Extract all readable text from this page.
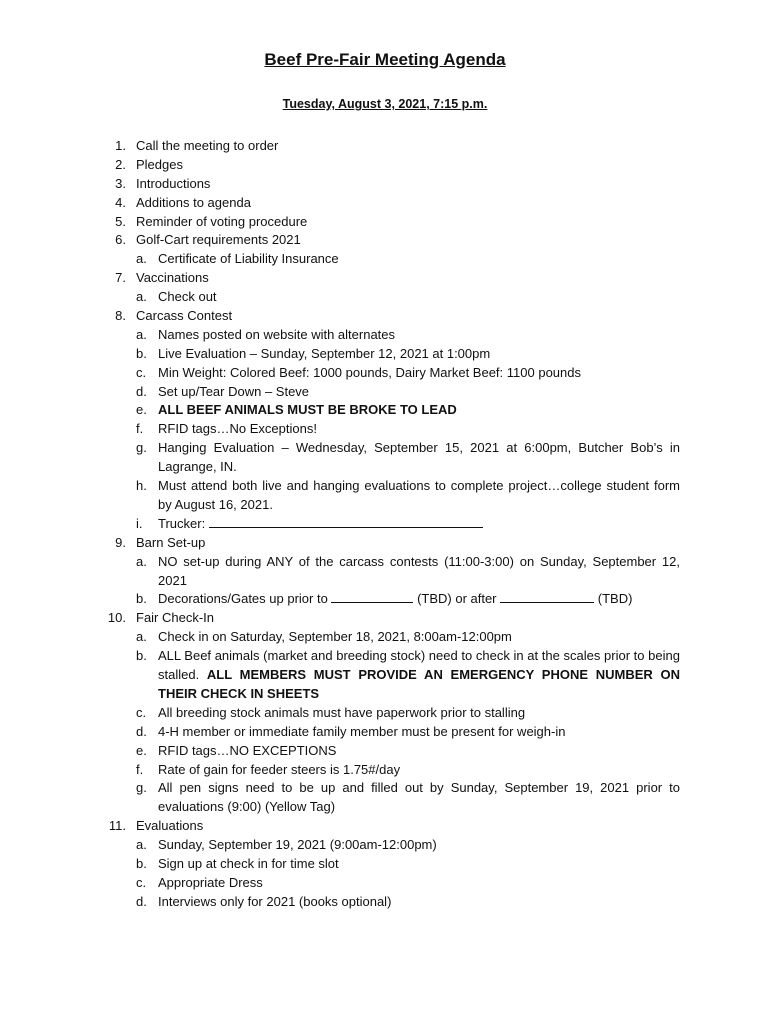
Beef Pre-Fair Meeting Agenda
Tuesday, August 3, 2021, 7:15 p.m.
1. Call the meeting to order
2. Pledges
3. Introductions
4. Additions to agenda
5. Reminder of voting procedure
6. Golf-Cart requirements 2021
a. Certificate of Liability Insurance
7. Vaccinations
a. Check out
8. Carcass Contest
a. Names posted on website with alternates
b. Live Evaluation – Sunday, September 12, 2021 at 1:00pm
c. Min Weight: Colored Beef: 1000 pounds, Dairy Market Beef: 1100 pounds
d. Set up/Tear Down – Steve
e. ALL BEEF ANIMALS MUST BE BROKE TO LEAD
f.	RFID tags…No Exceptions!
g. Hanging Evaluation – Wednesday, September 15, 2021 at 6:00pm, Butcher Bob’s in Lagrange, IN.
h. Must attend both live and hanging evaluations to complete project…college student form by August 16, 2021.
i.	Trucker:
9. Barn Set-up
a. NO set-up during ANY of the carcass contests (11:00-3:00) on Sunday, September 12, 2021
b. Decorations/Gates up prior to	(TBD) or after	(TBD)
10. Fair Check-In
a. Check in on Saturday, September 18, 2021, 8:00am-12:00pm
b. ALL Beef animals (market and breeding stock) need to check in at the scales prior to being stalled. ALL MEMBERS MUST PROVIDE AN EMERGENCY PHONE NUMBER ON THEIR CHECK IN SHEETS
c. All breeding stock animals must have paperwork prior to stalling
d. 4-H member or immediate family member must be present for weigh-in
e. RFID tags…NO EXCEPTIONS
f.	Rate of gain for feeder steers is 1.75#/day
g. All pen signs need to be up and filled out by Sunday, September 19, 2021 prior to evaluations (9:00) (Yellow Tag)
11. Evaluations
a. Sunday, September 19, 2021 (9:00am-12:00pm)
b. Sign up at check in for time slot
c. Appropriate Dress
d. Interviews only for 2021 (books optional)
